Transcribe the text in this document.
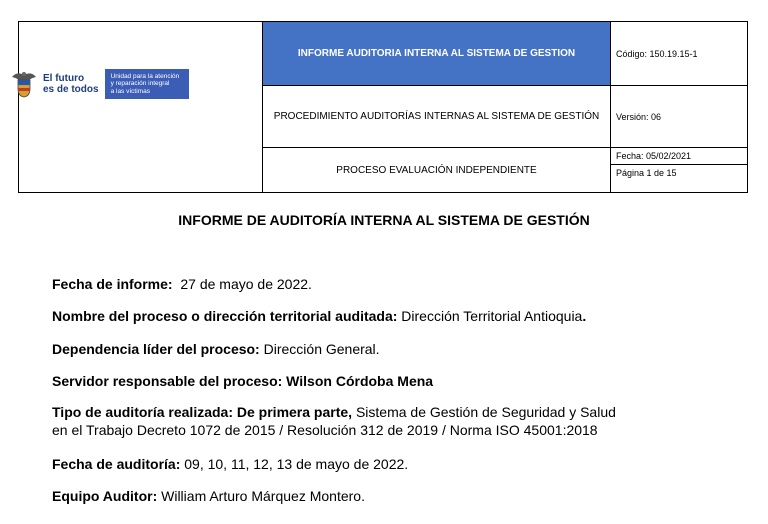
	INFORME AUDITORIA INTERNA AL SISTEMA DE GESTION	Código: 150.19.15-1
	PROCEDIMIENTO AUDITORÍAS INTERNAS AL SISTEMA DE GESTIÓN	Versión: 06
	PROCESO EVALUACIÓN INDEPENDIENTE	Fecha: 05/02/2021
Página 1 de 15
El futuro
es de todos
Unidad para la atención
y reparación integral
a las víctimas
INFORME DE AUDITORÍA INTERNA AL SISTEMA DE GESTIÓN
Fecha de informe:  27 de mayo de 2022.
Nombre del proceso o dirección territorial auditada: Dirección Territorial Antioquia.
Dependencia líder del proceso: Dirección General.
Servidor responsable del proceso: Wilson Córdoba Mena
Tipo de auditoría realizada: De primera parte, Sistema de Gestión de Seguridad y Salud
en el Trabajo Decreto 1072 de 2015 / Resolución 312 de 2019 / Norma ISO 45001:2018
Fecha de auditoría: 09, 10, 11, 12, 13 de mayo de 2022.
Equipo Auditor: William Arturo Márquez Montero.
